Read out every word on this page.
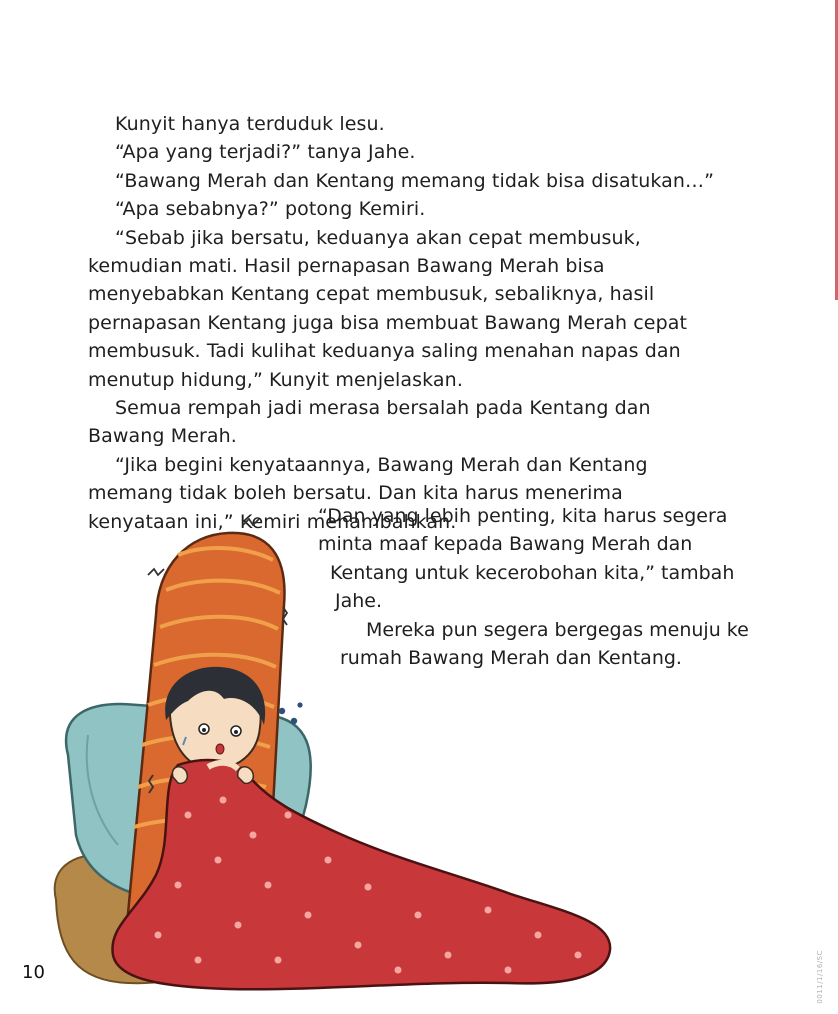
Kunyit hanya terduduk lesu.

“Apa yang terjadi?” tanya Jahe.

“Bawang Merah dan Kentang memang tidak bisa disatukan…”

“Apa sebabnya?” potong Kemiri.

“Sebab jika bersatu, keduanya akan cepat membusuk, kemudian mati. Hasil pernapasan Bawang Merah bisa menyebabkan Kentang cepat membusuk, sebaliknya, hasil pernapasan Kentang juga bisa membuat Bawang Merah cepat membusuk. Tadi kulihat keduanya saling menahan napas dan menutup hidung,” Kunyit menjelaskan.

Semua rempah jadi merasa bersalah pada Kentang dan Bawang Merah.

“Jika begini kenyataannya, Bawang Merah dan Kentang memang tidak boleh bersatu. Dan kita harus menerima kenyataan ini,” Kemiri menambahkan.

“Dan yang lebih penting, kita harus segera

minta maaf kepada Bawang Merah dan

Kentang untuk kecerobohan kita,” tambah

Jahe.

Mereka pun segera bergegas menuju ke

rumah Bawang Merah dan Kentang.

10	0011/1/16/SC
